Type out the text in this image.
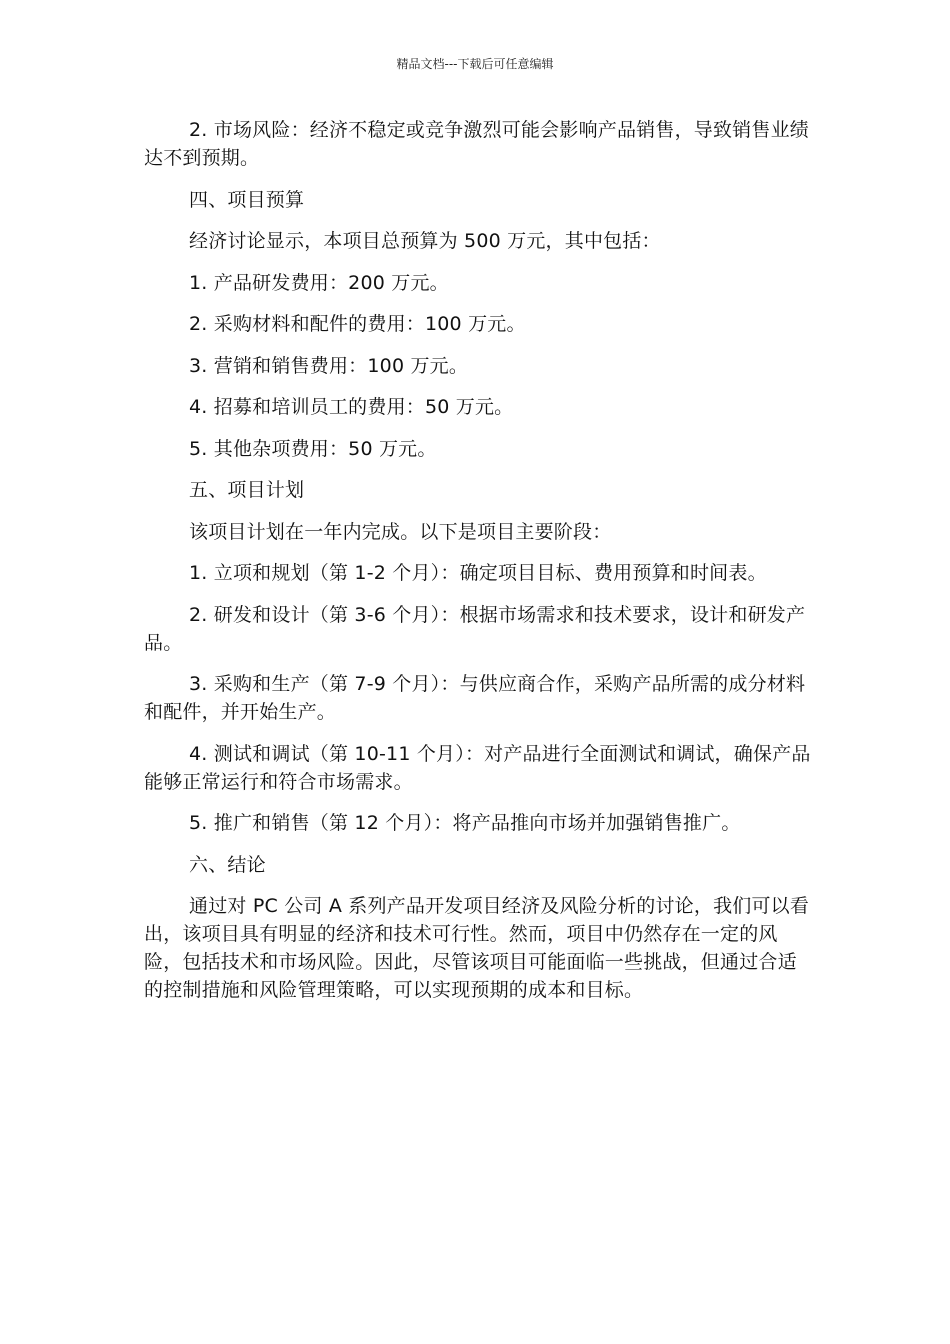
精品文档---下载后可任意编辑

2. 市场风险：经济不稳定或竞争激烈可能会影响产品销售，导致销售业绩达不到预期。

四、项目预算

经济讨论显示，本项目总预算为 500 万元，其中包括：

1. 产品研发费用：200 万元。

2. 采购材料和配件的费用：100 万元。

3. 营销和销售费用：100 万元。

4. 招募和培训员工的费用：50 万元。

5. 其他杂项费用：50 万元。

五、项目计划

该项目计划在一年内完成。以下是项目主要阶段：

1. 立项和规划（第 1-2 个月）：确定项目目标、费用预算和时间表。

2. 研发和设计（第 3-6 个月）：根据市场需求和技术要求，设计和研发产品。

3. 采购和生产（第 7-9 个月）：与供应商合作，采购产品所需的成分材料和配件，并开始生产。

4. 测试和调试（第 10-11 个月）：对产品进行全面测试和调试，确保产品能够正常运行和符合市场需求。

5. 推广和销售（第 12 个月）：将产品推向市场并加强销售推广。

六、结论

通过对 PC 公司 A 系列产品开发项目经济及风险分析的讨论，我们可以看出，该项目具有明显的经济和技术可行性。然而，项目中仍然存在一定的风险，包括技术和市场风险。因此，尽管该项目可能面临一些挑战，但通过合适的控制措施和风险管理策略，可以实现预期的成本和目标。
